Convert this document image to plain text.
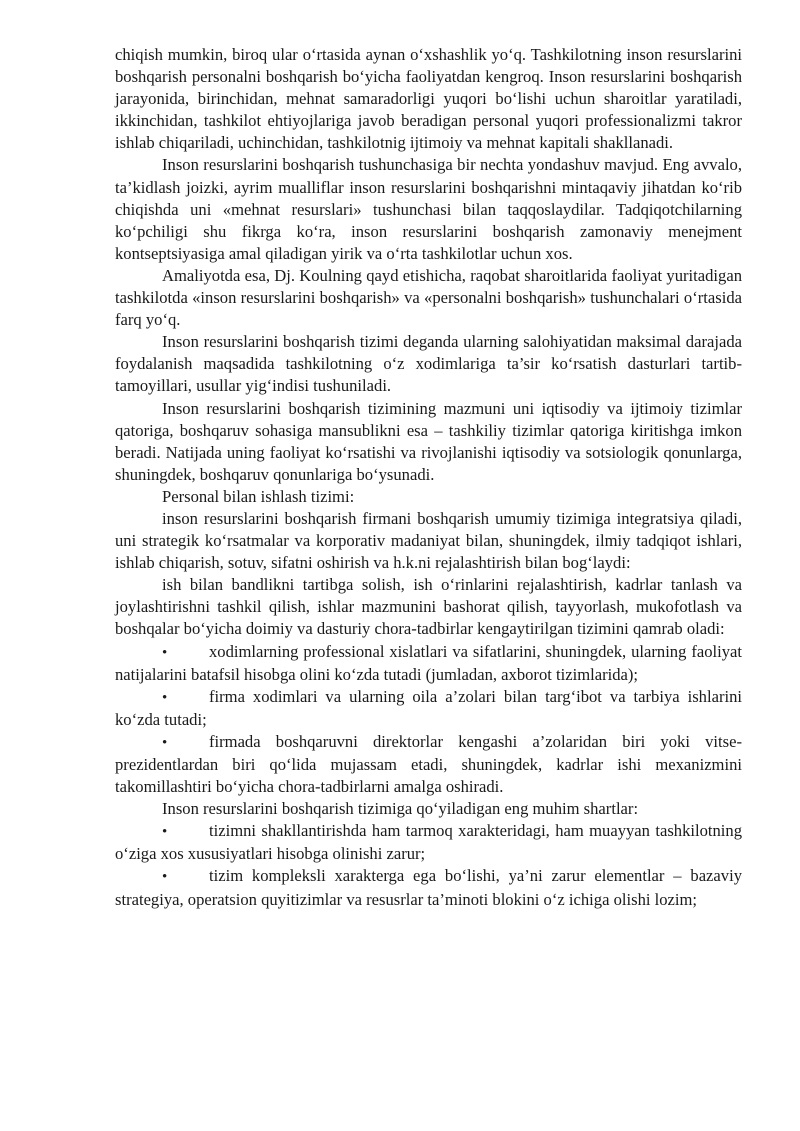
chiqish mumkin, biroq ular oʻrtasida aynan oʻxshashlik yoʻq. Tashkilotning inson resurslarini boshqarish personalni boshqarish boʻyicha faoliyatdan kengroq. Inson resurslarini boshqarish jarayonida, birinchidan, mehnat samaradorligi yuqori boʻlishi uchun sharoitlar yaratiladi, ikkinchidan, tashkilot ehtiyojlariga javob beradigan personal yuqori professionalizmi takror ishlab chiqariladi, uchinchidan, tashkilotnig ijtimoiy va mehnat kapitali shakllanadi.

Inson resurslarini boshqarish tushunchasiga bir nechta yondashuv mavjud. Eng avvalo, ta’kidlash joizki, ayrim mualliflar inson resurslarini boshqarishni mintaqaviy jihatdan koʻrib chiqishda uni «mehnat resurslari» tushunchasi bilan taqqoslaydilar. Tadqiqotchilarning koʻpchiligi shu fikrga koʻra, inson resurslarini boshqarish zamonaviy menejment kontseptsiyasiga amal qiladigan yirik va oʻrta tashkilotlar uchun xos.

Amaliyotda esa, Dj. Koulning qayd etishicha, raqobat sharoitlarida faoliyat yuritadigan tashkilotda «inson resurslarini boshqarish» va «personalni boshqarish» tushunchalari oʻrtasida farq yoʻq.

Inson resurslarini boshqarish tizimi deganda ularning salohiyatidan maksimal darajada foydalanish maqsadida tashkilotning oʻz xodimlariga ta’sir koʻrsatish dasturlari tartib-tamoyillari, usullar yigʻindisi tushuniladi.

Inson resurslarini boshqarish tizimining mazmuni uni iqtisodiy va ijtimoiy tizimlar qatoriga, boshqaruv sohasiga mansublikni esa – tashkiliy tizimlar qatoriga kiritishga imkon beradi. Natijada uning faoliyat koʻrsatishi va rivojlanishi iqtisodiy va sotsiologik qonunlarga, shuningdek, boshqaruv qonunlariga boʻysunadi.

Personal bilan ishlash tizimi:

inson resurslarini boshqarish firmani boshqarish umumiy tizimiga integratsiya qiladi, uni strategik koʻrsatmalar va korporativ madaniyat bilan, shuningdek, ilmiy tadqiqot ishlari, ishlab chiqarish, sotuv, sifatni oshirish va h.k.ni rejalashtirish bilan bogʻlaydi:

ish bilan bandlikni tartibga solish, ish oʻrinlarini rejalashtirish, kadrlar tanlash va joylashtirishni tashkil qilish, ishlar mazmunini bashorat qilish, tayyorlash, mukofotlash va boshqalar boʻyicha doimiy va dasturiy chora-tadbirlar kengaytirilgan tizimini qamrab oladi:

•	xodimlarning professional xislatlari va sifatlarini, shuningdek, ularning faoliyat natijalarini batafsil hisobga olini koʻzda tutadi (jumladan, axborot tizimlarida);

•	firma xodimlari va ularning oila a’zolari bilan targʻibot va tarbiya ishlarini koʻzda tutadi;

•	firmada boshqaruvni direktorlar kengashi a’zolaridan biri yoki vitse-prezidentlardan biri qoʻlida mujassam etadi, shuningdek, kadrlar ishi mexanizmini takomillashtiri boʻyicha chora-tadbirlarni amalga oshiradi.

Inson resurslarini boshqarish tizimiga qoʻyiladigan eng muhim shartlar:

•	tizimni shakllantirishda ham tarmoq xarakteridagi, ham muayyan tashkilotning oʻziga xos xususiyatlari hisobga olinishi zarur;

•	tizim kompleksli xarakterga ega boʻlishi, ya’ni zarur elementlar – bazaviy strategiya, operatsion quyitizimlar va resusrlar ta’minoti blokini oʻz ichiga olishi lozim;
